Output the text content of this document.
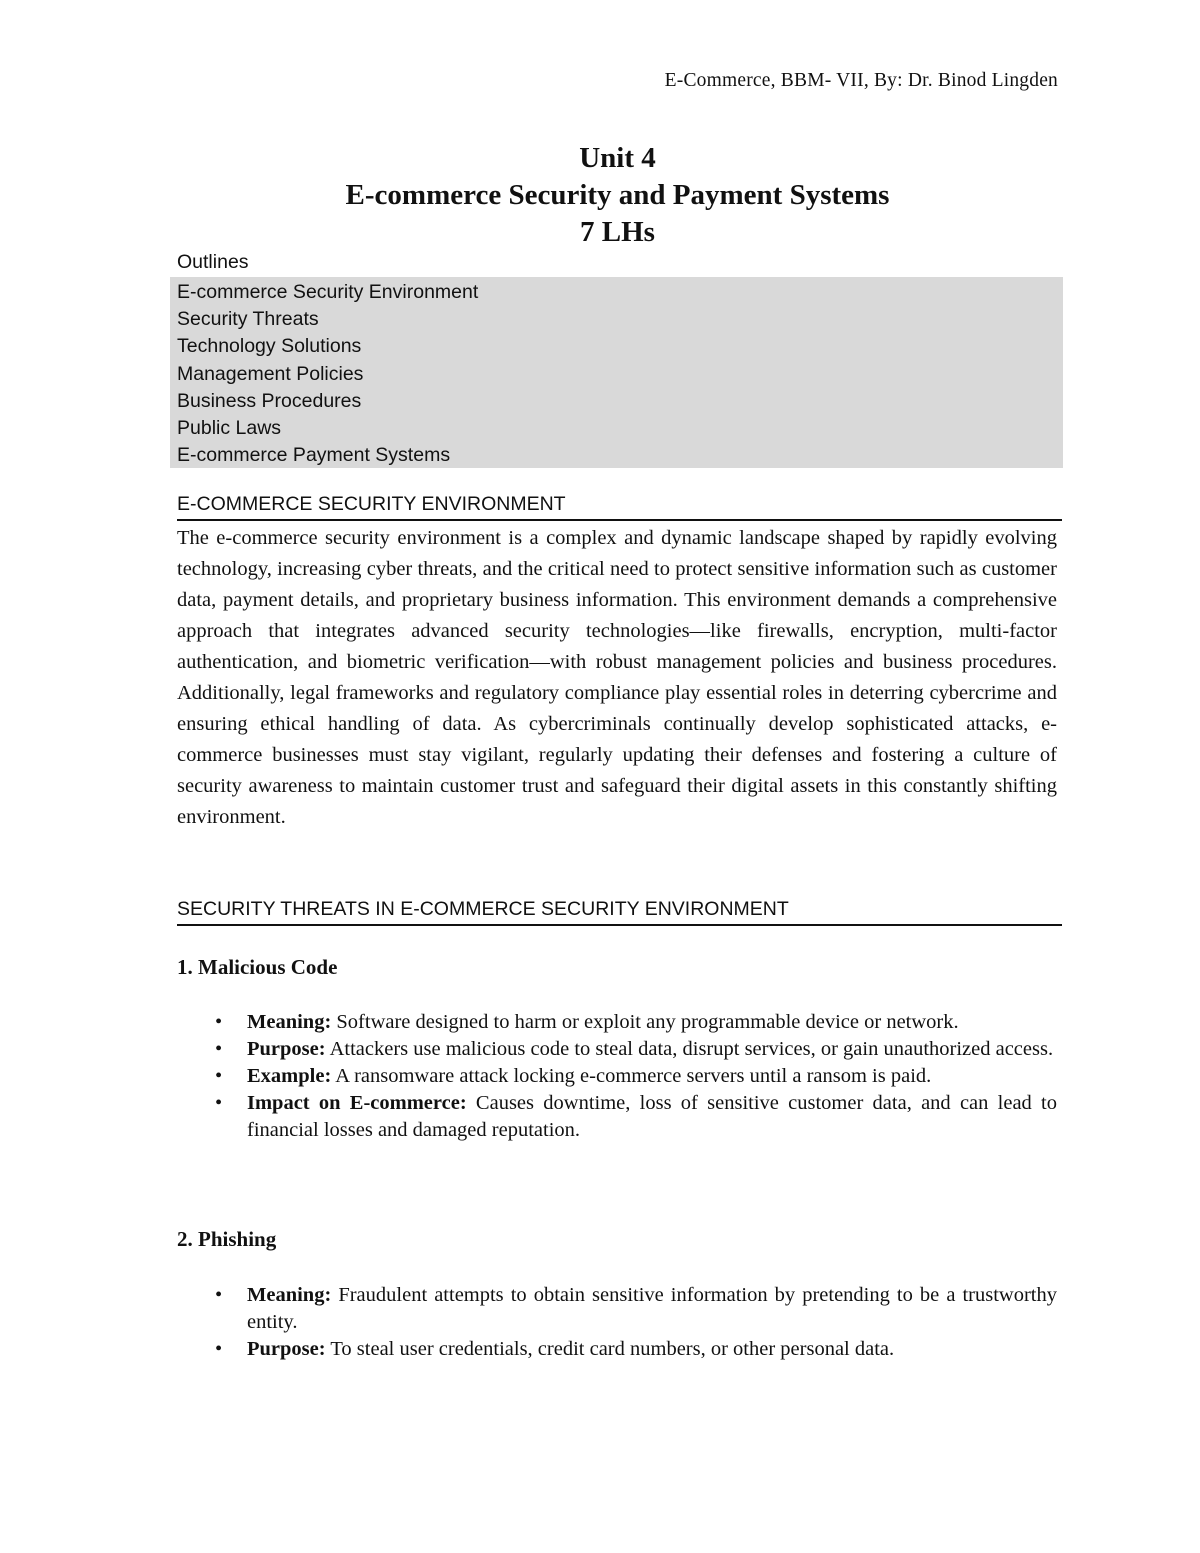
E-Commerce, BBM- VII, By: Dr. Binod Lingden
Unit 4
E-commerce Security and Payment Systems
7 LHs
Outlines
E-commerce Security Environment
Security Threats
Technology Solutions
Management Policies
Business Procedures
Public Laws
E-commerce Payment Systems
E-COMMERCE SECURITY ENVIRONMENT

The e-commerce security environment is a complex and dynamic landscape shaped by rapidly evolving technology, increasing cyber threats, and the critical need to protect sensitive information such as customer data, payment details, and proprietary business information. This environment demands a comprehensive approach that integrates advanced security technologies—like firewalls, encryption, multi-factor authentication, and biometric verification—with robust management policies and business procedures. Additionally, legal frameworks and regulatory compliance play essential roles in deterring cybercrime and ensuring ethical handling of data. As cybercriminals continually develop sophisticated attacks, e-commerce businesses must stay vigilant, regularly updating their defenses and fostering a culture of security awareness to maintain customer trust and safeguard their digital assets in this constantly shifting environment.

SECURITY THREATS IN E-COMMERCE SECURITY ENVIRONMENT
1. Malicious Code
• Meaning: Software designed to harm or exploit any programmable device or network.
• Purpose: Attackers use malicious code to steal data, disrupt services, or gain unauthorized access.
• Example: A ransomware attack locking e-commerce servers until a ransom is paid.
• Impact on E-commerce: Causes downtime, loss of sensitive customer data, and can lead to financial losses and damaged reputation.
2. Phishing
• Meaning: Fraudulent attempts to obtain sensitive information by pretending to be a trustworthy entity.
• Purpose: To steal user credentials, credit card numbers, or other personal data.
